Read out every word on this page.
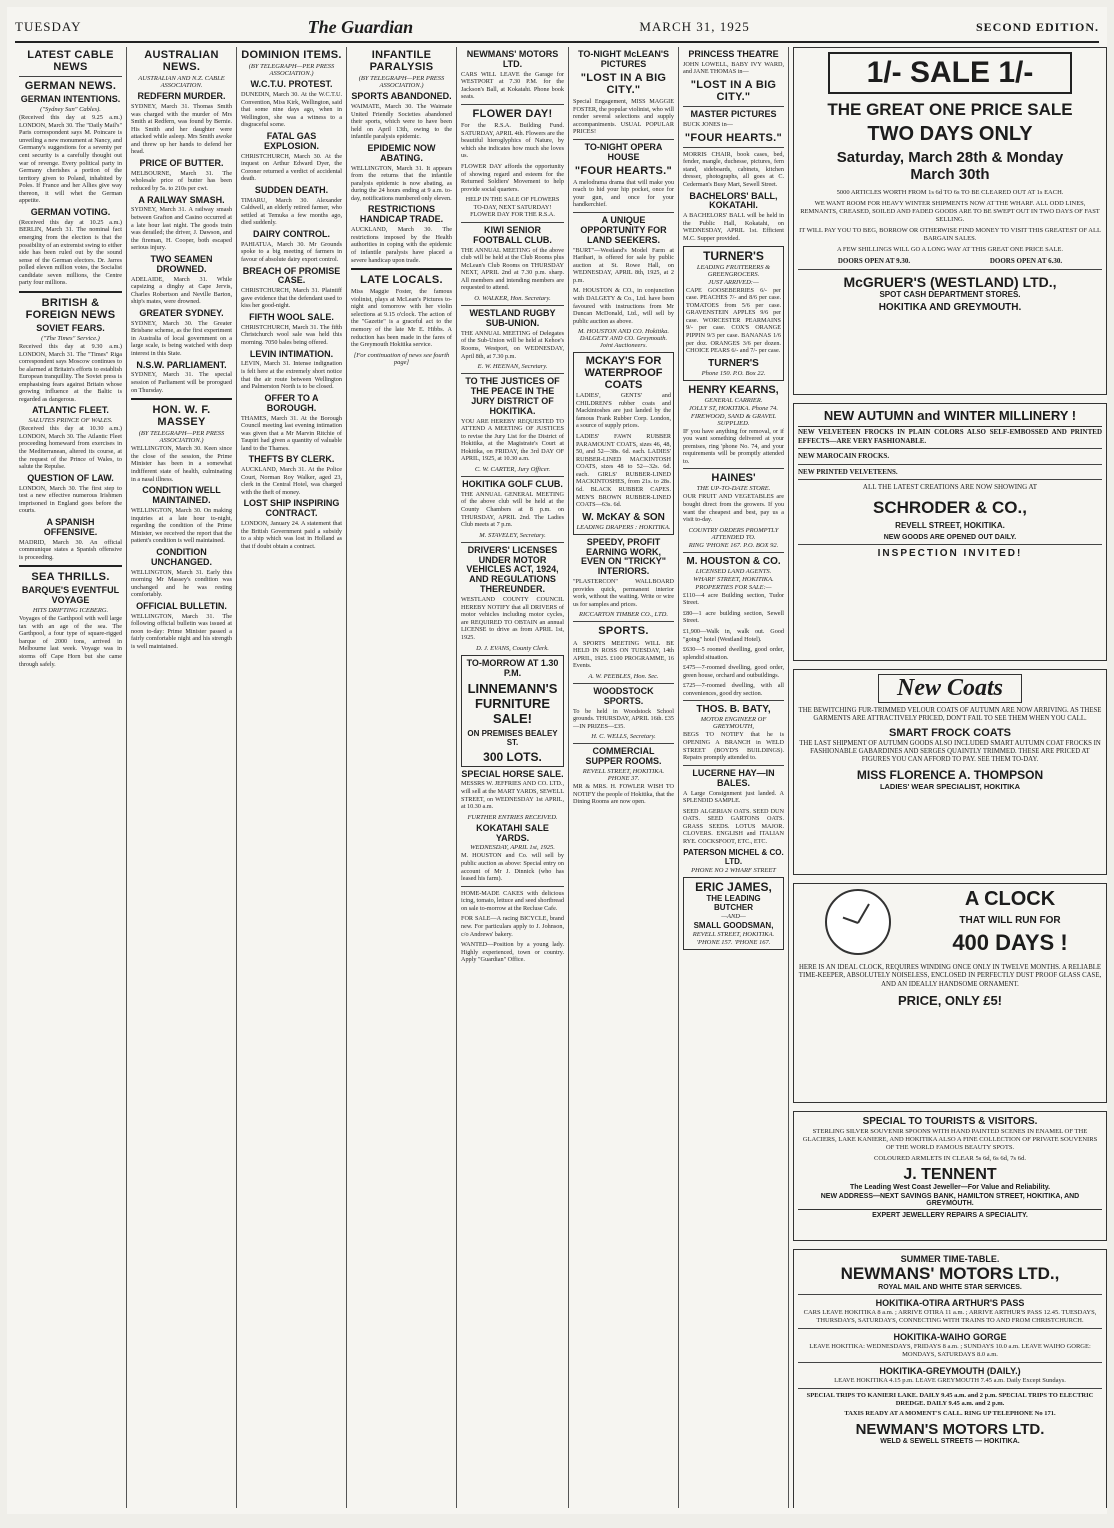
TUESDAY	The Guardian	MARCH 31, 1925	SECOND EDITION.
LATEST CABLE NEWS
GERMAN NEWS.
GERMAN INTENTIONS.
("Sydney Sun" Cables).

(Received this day at 9.25 a.m.) LONDON, March 30. The "Daily Mail's" Paris correspondent says M. Poincare is unveiling a new monument at Nancy, and Germany's suggestions for a seventy per cent security is a carefully thought out war of revenge. Every political party in Germany cherishes a portion of the territory given to Poland, inhabited by Poles. If France and her Allies give way thereon, it will whet the German appetite.

GERMAN VOTING.

(Received this day at 10.25 a.m.) BERLIN, March 31. The nominal fact emerging from the election is that the possibility of an extremist swing to either side has been ruled out by the sound sense of the German electors. Dr. Jarres polled eleven million votes, the Socialist candidate seven millions, the Centre party four millions.

BRITISH & FOREIGN NEWS
SOVIET FEARS.
("The Times" Service.)

Received this day at 9.30 a.m.) LONDON, March 31. The "Times" Riga correspondent says Moscow continues to be alarmed at Britain's efforts to establish European tranquillity. The Soviet press is emphasising fears against Britain whose growing influence at the Baltic is regarded as dangerous.

ATLANTIC FLEET.
SALUTES PRINCE OF WALES.

(Received this day at 10.30 a.m.) LONDON, March 30. The Atlantic Fleet proceeding homeward from exercises in the Mediterranean, altered its course, at the request of the Prince of Wales, to salute the Repulse.

QUESTION OF LAW.

LONDON, March 30. The first step to test a new effective numerous Irishmen imprisoned in England goes before the courts.

A SPANISH OFFENSIVE.

MADRID, March 30. An official communique states a Spanish offensive is proceeding.

SEA THRILLS.
BARQUE'S EVENTFUL VOYAGE
HITS DRIFTING ICEBERG.

Voyages of the Garthpool with well large tax with an age of the sea. The Garthpool, a four type of square-rigged barque of 2000 tons, arrived in Melbourne last week. Voyage was in storms off Cape Horn but she came through safely.

AUSTRALIAN NEWS.
AUSTRALIAN AND N.Z. CABLE ASSOCIATION.
REDFERN MURDER.

SYDNEY, March 31. Thomas Smith was charged with the murder of Mrs Smith at Redfern, was found by Bernie. His Smith and her daughter were attacked while asleep. Mrs Smith awoke and threw up her hands to defend her head.

PRICE OF BUTTER.

MELBOURNE, March 31. The wholesale price of butter has been reduced by 5s. to 210s per cwt.

A RAILWAY SMASH.

SYDNEY, March 31. A railway smash between Grafton and Casino occurred at a late hour last night. The goods train was derailed; the driver, J. Dawson, and the fireman, H. Cooper, both escaped serious injury.

TWO SEAMEN DROWNED.

ADELAIDE, March 31. While capsizing a dinghy at Cape Jervis, Charles Robertson and Neville Barton, ship's mates, were drowned.

GREATER SYDNEY.

SYDNEY, March 30. The Greater Brisbane scheme, as the first experiment in Australia of local government on a large scale, is being watched with deep interest in this State.

N.S.W. PARLIAMENT.

SYDNEY, March 31. The special session of Parliament will be prorogued on Thursday.

HON. W. F. MASSEY
(BY TELEGRAPH—PER PRESS ASSOCIATION.)

WELLINGTON, March 30. Keen since the close of the session, the Prime Minister has been in a somewhat indifferent state of health, culminating in a nasal illness.

CONDITION WELL MAINTAINED.

WELLINGTON, March 30. On making inquiries at a late hour to-night, regarding the condition of the Prime Minister, we received the report that the patient's condition is well maintained.

CONDITION UNCHANGED.

WELLINGTON, March 31. Early this morning Mr Massey's condition was unchanged and he was resting comfortably.

OFFICIAL BULLETIN.

WELLINGTON, March 31. The following official bulletin was issued at noon to-day: Prime Minister passed a fairly comfortable night and his strength is well maintained.

DOMINION ITEMS.
(BY TELEGRAPH—PER PRESS ASSOCIATION.)
W.C.T.U. PROTEST.

DUNEDIN, March 30. At the W.C.T.U. Convention, Miss Kirk, Wellington, said that some nine days ago, when in Wellington, she was a witness to a disgraceful scene.

FATAL GAS EXPLOSION.

CHRISTCHURCH, March 30. At the inquest on Arthur Edward Dyer, the Coroner returned a verdict of accidental death.

SUDDEN DEATH.

TIMARU, March 30. Alexander Caldwell, an elderly retired farmer, who settled at Temuka a few months ago, died suddenly.

DAIRY CONTROL.

PAHIATUA, March 30. Mr Grounds spoke to a big meeting of farmers in favour of absolute dairy export control.

BREACH OF PROMISE CASE.

CHRISTCHURCH, March 31. Plaintiff gave evidence that the defendant used to kiss her good-night.

FIFTH WOOL SALE.

CHRISTCHURCH, March 31. The fifth Christchurch wool sale was held this morning. 7050 bales being offered.

LEVIN INTIMATION.

LEVIN, March 31. Intense indignation is felt here at the extremely short notice that the air route between Wellington and Palmerston North is to be closed.

OFFER TO A BOROUGH.

THAMES, March 31. At the Borough Council meeting last evening intimation was given that a Mr Marvin Ritchie of Taupiri had given a quantity of valuable land to the Thames.

THEFTS BY CLERK.

AUCKLAND, March 31. At the Police Court, Norman Roy Walker, aged 23, clerk in the Central Hotel, was charged with the theft of money.

LOST SHIP INSPIRING CONTRACT.

LONDON, January 24. A statement that the British Government paid a subsidy to a ship which was lost in Holland as that if doubt obtain a contract.

INFANTILE PARALYSIS
(BY TELEGRAPH—PER PRESS ASSOCIATION.)
SPORTS ABANDONED.

WAIMATE, March 30. The Waimate United Friendly Societies abandoned their sports, which were to have been held on April 13th, owing to the infantile paralysis epidemic.

EPIDEMIC NOW ABATING.

WELLINGTON, March 31. It appears from the returns that the infantile paralysis epidemic is now abating, as during the 24 hours ending at 9 a.m. to-day, notifications numbered only eleven.

RESTRICTIONS HANDICAP TRADE.

AUCKLAND, March 30. The restrictions imposed by the Health authorities in coping with the epidemic of infantile paralysis have placed a severe handicap upon trade.

LATE LOCALS.

Miss Maggie Foster, the famous violinist, plays at McLean's Pictures to-night and tomorrow with her violin selections at 9.15 o'clock. The action of the "Gazette" is a graceful act to the memory of the late Mr E. Hibbs. A reduction has been made in the fares of the Greymouth Hokitika service.

[For continuation of news see fourth page]
NEWMANS' MOTORS LTD.

CARS WILL LEAVE the Garage for WESTPORT at 7.30 P.M. for the Jackson's Ball, at Kokatahi. Phone book seats.

FLOWER DAY!

For the R.S.A. Building Fund. SATURDAY, APRIL 4th. Flowers are the beautiful hieroglyphics of Nature, by which she indicates how much she loves us.

FLOWER DAY affords the opportunity of showing regard and esteem for the Returned Soldiers' Movement to help provide social quarters.

HELP IN THE SALE OF FLOWERS TO-DAY, NEXT SATURDAY! FLOWER DAY FOR THE R.S.A.

KIWI SENIOR FOOTBALL CLUB.

THE ANNUAL MEETING of the above club will be held at the Club Rooms plus McLean's Club Rooms on THURSDAY NEXT, APRIL 2nd at 7.30 p.m. sharp. All members and intending members are requested to attend.

O. WALKER, Hon. Secretary.
WESTLAND RUGBY SUB-UNION.

THE ANNUAL MEETING of Delegates of the Sub-Union will be held at Kehoe's Rooms, Westport, on WEDNESDAY, April 8th, at 7.30 p.m.

E. W. HEENAN, Secretary.
TO THE JUSTICES OF THE PEACE IN THE JURY DISTRICT OF HOKITIKA.

YOU ARE HEREBY REQUESTED TO ATTEND A MEETING OF JUSTICES to revise the Jury List for the District of Hokitika, at the Magistrate's Court at Hokitika, on FRIDAY, the 3rd DAY OF APRIL, 1925, at 10.30 a.m.

C. W. CARTER, Jury Officer.
HOKITIKA GOLF CLUB.

THE ANNUAL GENERAL MEETING of the above club will be held at the County Chambers at 8 p.m. on THURSDAY, APRIL 2nd. The Ladies Club meets at 7 p.m.

M. STAVELEY, Secretary.
DRIVERS' LICENSES UNDER MOTOR VEHICLES ACT, 1924, AND REGULATIONS THEREUNDER.

WESTLAND COUNTY COUNCIL HEREBY NOTIFY that all DRIVERS of motor vehicles including motor cycles, are REQUIRED TO OBTAIN an annual LICENSE to drive as from APRIL 1st, 1925.

D. J. EVANS, County Clerk.
TO-MORROW AT 1.30 P.M.
LINNEMANN'S FURNITURE SALE!
ON PREMISES BEALEY ST.
300 LOTS.
SPECIAL HORSE SALE.

MESSRS W. JEFFRIES AND CO. LTD., will sell at the MART YARDS, SEWELL STREET, on WEDNESDAY 1st APRIL, at 10.30 a.m.

FURTHER ENTRIES RECEIVED.
KOKATAHI SALE YARDS.
WEDNESDAY, APRIL 1st, 1925.

M. HOUSTON and Co. will sell by public auction as above: Special entry on account of Mr J. Dinnick (who has leased his farm).

HOME-MADE CAKES with delicious icing, tomato, lettuce and seed shortbread on sale to-morrow at the Recluse Cafe.

FOR SALE—A racing BICYCLE, brand new. For particulars apply to J. Johnson, c/o Andrews' bakery.

WANTED—Position by a young lady. Highly experienced, town or country. Apply "Guardian" Office.

TO-NIGHT McLEAN'S PICTURES
"LOST IN A BIG CITY."

Special Engagement, MISS MAGGIE FOSTER, the popular violinist, who will render several selections and supply accompaniments. USUAL POPULAR PRICES!

TO-NIGHT OPERA HOUSE
"FOUR HEARTS."

A melodrama drama that will make you reach to hid your hip pocket, once for your gun, and once for your handkerchief.

A UNIQUE OPPORTUNITY FOR LAND SEEKERS.

"BURT"—Westland's Model Farm at Harihari, is offered for sale by public auction at St. Rowe Hall, on WEDNESDAY, APRIL 8th, 1925, at 2 p.m.

M. HOUSTON & CO., in conjunction with DALGETY & Co., Ltd. have been favoured with instructions from Mr Duncan McDonald, Ltd., will sell by public auction as above.

M. HOUSTON AND CO. Hokitika. DALGETY AND CO. Greymouth. Joint Auctioneers.
MCKAY'S FOR WATERPROOF COATS

LADIES', GENTS' and CHILDREN'S rubber coats and Mackintoshes are just landed by the famous Frank Rubber Corp. London, a source of supply prices.

LADIES' FAWN RUBBER PARAMOUNT COATS, sizes 46, 48, 50, and 52—38s. 6d. each. LADIES' RUBBER-LINED MACKINTOSH COATS, sizes 48 to 52—32s. 6d. each. GIRLS' RUBBER-LINED MACKINTOSHES, from 21s. to 28s. 6d. BLACK RUBBER CAPES. MEN'S BROWN RUBBER-LINED COATS—63s. 6d.

W. McKAY & SON
LEADING DRAPERS : HOKITIKA.
SPEEDY, PROFIT EARNING WORK, EVEN ON "TRICKY" INTERIORS.

"PLASTERCON" WALLBOARD provides quick, permanent interior work, without the waiting. Write or wire us for samples and prices.

RICCARTON TIMBER CO., LTD.
SPORTS.

A SPORTS MEETING WILL BE HELD IN ROSS ON TUESDAY, 14th APRIL, 1925. £100 PROGRAMME, 16 Events.

A. W. PEEBLES, Hon. Sec.
WOODSTOCK SPORTS.

To be held in Woodstock School grounds. THURSDAY, APRIL 16th. £35—IN PRIZES—£35.

H. C. WELLS, Secretary.
COMMERCIAL SUPPER ROOMS.
REVELL STREET, HOKITIKA. PHONE 37.

MR & MRS. H. FOWLER WISH TO NOTIFY the people of Hokitika, that the Dining Rooms are now open.

PRINCESS THEATRE

JOHN LOWELL, BABY IVY WARD, and JANE THOMAS in—

"LOST IN A BIG CITY."
MASTER PICTURES

BUCK JONES in—

"FOUR HEARTS."

MORRIS CHAIR, book cases, bed, fender, mangle, duchesse, pictures, fern stand, sideboards, cabinets, kitchen dresser, photographs, all goes at C. Cederman's Busy Mart, Sewell Street.

BACHELORS' BALL, KOKATAHI.

A BACHELORS' BALL will be held in the Public Hall, Kokatahi, on WEDNESDAY, APRIL 1st. Efficient M.C. Supper provided.

TURNER'S
LEADING FRUITERERS & GREENGROCERS.
JUST ARRIVED:—

CAPE GOOSEBERRIES 6/- per case. PEACHES 7/- and 8/6 per case. TOMATOES from 5/6 per case. GRAVENSTEIN APPLES 9/6 per case. WORCESTER PEARMAINS 9/- per case. COX'S ORANGE PIPPIN 9/3 per case. BANANAS 1/6 per doz. ORANGES 3/6 per dozen. CHOICE PEARS 6/- and 7/- per case.

TURNER'S
Phone 150. P.O. Box 22.
HENRY KEARNS,
GENERAL CARRIER.
JOLLY ST, HOKITIKA. Phone 74.
FIREWOOD, SAND & GRAVEL SUPPLIED.

IF you have anything for removal, or if you want something delivered at your premises, ring 'phone No. 74, and your requirements will be promptly attended to.

HAINES'
THE UP-TO-DATE STORE.

OUR FRUIT AND VEGETABLES are bought direct from the growers. If you want the cheapest and best, pay us a visit to-day.

COUNTRY ORDERS PROMPTLY ATTENDED TO.
RING 'PHONE 167. P.O. BOX 92.
M. HOUSTON & CO.
LICENSED LAND AGENTS.
WHARF STREET, HOKITIKA.
PROPERTIES FOR SALE:—

£110—4 acre Building section, Tudor Street.

£80—1 acre building section, Sewell Street.

£1,900—Walk in, walk out. Good "going" hotel (Westland Hotel).

£630—5 roomed dwelling, good order, splendid situation.

£475—7-roomed dwelling, good order, green house, orchard and outbuildings.

£725—7-roomed dwelling, with all conveniences, good dry section.

THOS. B. BATY,
MOTOR ENGINEER OF GREYMOUTH,

BEGS TO NOTIFY that he is OPENING A BRANCH in WELD STREET (BOYD'S BUILDINGS). Repairs promptly attended to.

LUCERNE HAY—IN BALES.

A Large Consignment just landed. A SPLENDID SAMPLE.

SEED ALGERIAN OATS. SEED DUN OATS. SEED GARTONS OATS. GRASS SEEDS. LOTUS MAJOR. CLOVERS. ENGLISH and ITALIAN RYE. COCKSFOOT, ETC., ETC.

PATERSON MICHEL & CO. LTD.
PHONE NO 2 WHARF STREET
ERIC JAMES,
THE LEADING BUTCHER
—AND—
SMALL GOODSMAN,
REVELL STREET, HOKITIKA.
'PHONE 157. 'PHONE 167.
1/- SALE 1/-
THE GREAT ONE PRICE SALE
TWO DAYS ONLY
Saturday, March 28th & Monday March 30th

5000 ARTICLES WORTH FROM 1s 6d TO 6s TO BE CLEARED OUT AT 1s EACH.

WE WANT ROOM FOR HEAVY WINTER SHIPMENTS NOW AT THE WHARF. ALL ODD LINES, REMNANTS, CREASED, SOILED AND FADED GOODS ARE TO BE SWEPT OUT IN TWO DAYS OF FAST SELLING.

IT WILL PAY YOU TO BEG, BORROW OR OTHERWISE FIND MONEY TO VISIT THIS GREATEST OF ALL BARGAIN SALES.

A FEW SHILLINGS WILL GO A LONG WAY AT THIS GREAT ONE PRICE SALE.

DOORS OPEN AT 9.30.	DOORS OPEN AT 6.30.
McGRUER'S (WESTLAND) LTD.,
SPOT CASH DEPARTMENT STORES.
HOKITIKA AND GREYMOUTH.
NEW AUTUMN and WINTER MILLINERY !

NEW VELVETEEN FROCKS IN PLAIN COLORS ALSO SELF-EMBOSSED AND PRINTED EFFECTS—ARE VERY FASHIONABLE.

NEW MAROCAIN FROCKS.

NEW PRINTED VELVETEENS.

ALL THE LATEST CREATIONS ARE NOW SHOWING AT

SCHRODER & CO.,
REVELL STREET, HOKITIKA.
NEW GOODS ARE OPENED OUT DAILY.
INSPECTION INVITED!
New Coats

THE BEWITCHING FUR-TRIMMED VELOUR COATS OF AUTUMN ARE NOW ARRIVING. AS THESE GARMENTS ARE ATTRACTIVELY PRICED, DON'T FAIL TO SEE THEM WHEN YOU CALL.

SMART FROCK COATS

THE LAST SHIPMENT OF AUTUMN GOODS ALSO INCLUDED SMART AUTUMN COAT FROCKS IN FASHIONABLE GABARDINES AND SERGES QUAINTLY TRIMMED. THESE ARE PRICED AT FIGURES YOU CAN AFFORD TO PAY. SEE THEM TO-DAY.

MISS FLORENCE A. THOMPSON
LADIES' WEAR SPECIALIST, HOKITIKA
A CLOCK
THAT WILL RUN FOR
400 DAYS !

HERE IS AN IDEAL CLOCK, REQUIRES WINDING ONCE ONLY IN TWELVE MONTHS. A RELIABLE TIME-KEEPER, ABSOLUTELY NOISELESS, ENCLOSED IN PERFECTLY DUST PROOF GLASS CASE, AND AN IDEALLY HANDSOME ORNAMENT.

PRICE, ONLY £5!
SPECIAL TO TOURISTS & VISITORS.

STERLING SILVER SOUVENIR SPOONS WITH HAND PAINTED SCENES IN ENAMEL OF THE GLACIERS, LAKE KANIERE, AND HOKITIKA ALSO A FINE COLLECTION OF PRIVATE SOUVENIRS OF THE WORLD FAMOUS BEAUTY SPOTS.

COLOURED ARMLETS IN CLEAR 5s 6d, 6s 6d, 7s 6d.

J. TENNENT
The Leading West Coast Jeweller—For Value and Reliability.
NEW ADDRESS—NEXT SAVINGS BANK, HAMILTON STREET, HOKITIKA, AND GREYMOUTH.
EXPERT JEWELLERY REPAIRS A SPECIALITY.
SUMMER TIME-TABLE.
NEWMANS' MOTORS LTD.,
ROYAL MAIL AND WHITE STAR SERVICES.
HOKITIKA-OTIRA ARTHUR'S PASS

CARS LEAVE HOKITIKA 8 a.m. ; ARRIVE OTIRA 11 a.m. ; ARRIVE ARTHUR'S PASS 12.45. TUESDAYS, THURSDAYS, SATURDAYS, CONNECTING WITH TRAINS TO AND FROM CHRISTCHURCH.

HOKITIKA-WAIHO GORGE

LEAVE HOKITIKA: WEDNESDAYS, FRIDAYS 8 a.m. ; SUNDAYS 10.0 a.m. LEAVE WAIHO GORGE: MONDAYS, SATURDAYS 8.0 a.m.

HOKITIKA-GREYMOUTH (DAILY.)

LEAVE HOKITIKA 4.15 p.m. LEAVE GREYMOUTH 7.45 a.m. Daily Except Sundays.

SPECIAL TRIPS TO KANIERI LAKE. DAILY 9.45 a.m. and 2 p.m. SPECIAL TRIPS TO ELECTRIC DREDGE. DAILY 9.45 a.m. and 2 p.m.

TAXIS READY AT A MOMENT'S CALL. RING UP TELEPHONE No 171.

NEWMAN'S MOTORS LTD.
WELD & SEWELL STREETS — HOKITIKA.
